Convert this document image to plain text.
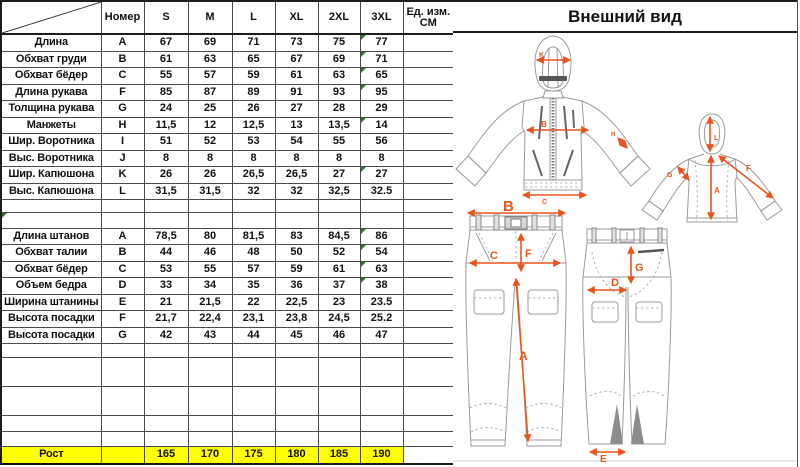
	Номер	S	M	L	XL	2XL	3XL	Ед. изм.
СМ

Длина	A	67	69	71	73	75	77	
Обхват груди	B	61	63	65	67	69	71	
Обхват бёдер	C	55	57	59	61	63	65	
Длина рукава	F	85	87	89	91	93	95	
Толщина рукава	G	24	25	26	27	28	29	
Манжеты	H	11,5	12	12,5	13	13,5	14	
Шир. Воротника	I	51	52	53	54	55	56	
Выс. Воротника	J	8	8	8	8	8	8	
Шир. Капюшона	K	26	26	26,5	26,5	27	27	
Выс. Капюшона	L	31,5	31,5	32	32	32,5	32.5	

Длина штанов	A	78,5	80	81,5	83	84,5	86	
Обхват талии	B	44	46	48	50	52	54	
Обхват бёдер	C	53	55	57	59	61	63	
Объем бедра	D	33	34	35	36	37	38	
Ширина штанины	E	21	21,5	22	22,5	23	23.5	
Высота посадки	F	21,7	22,4	23,1	23,8	24,5	25.2	
Высота посадки	G	42	43	44	45	46	47	

Рост		165	170	175	180	185	190	
Внешний вид
K
B
C
H	L
A
F
G
B
F
C
A
G
D
E
